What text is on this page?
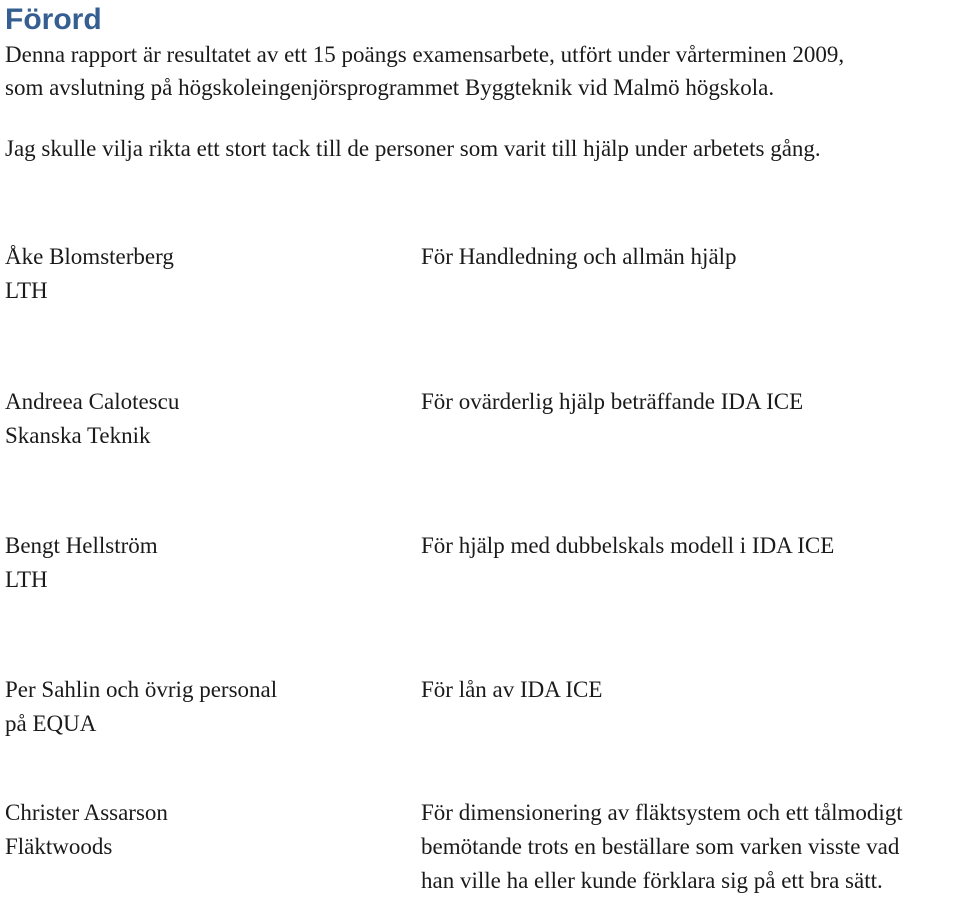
Förord

Denna rapport är resultatet av ett 15 poängs examensarbete, utfört under vårterminen 2009,
som avslutning på högskoleingenjörsprogrammet Byggteknik vid Malmö högskola.

Jag skulle vilja rikta ett stort tack till de personer som varit till hjälp under arbetets gång.

Åke Blomsterberg
LTH
För Handledning och allmän hjälp
Andreea Calotescu
Skanska Teknik
För ovärderlig hjälp beträffande IDA ICE
Bengt Hellström
LTH
För hjälp med dubbelskals modell i IDA ICE
Per Sahlin och övrig personal
på EQUA
För lån av IDA ICE
Christer Assarson
Fläktwoods
För dimensionering av fläktsystem och ett tålmodigt
bemötande trots en beställare som varken visste vad
han ville ha eller kunde förklara sig på ett bra sätt.
